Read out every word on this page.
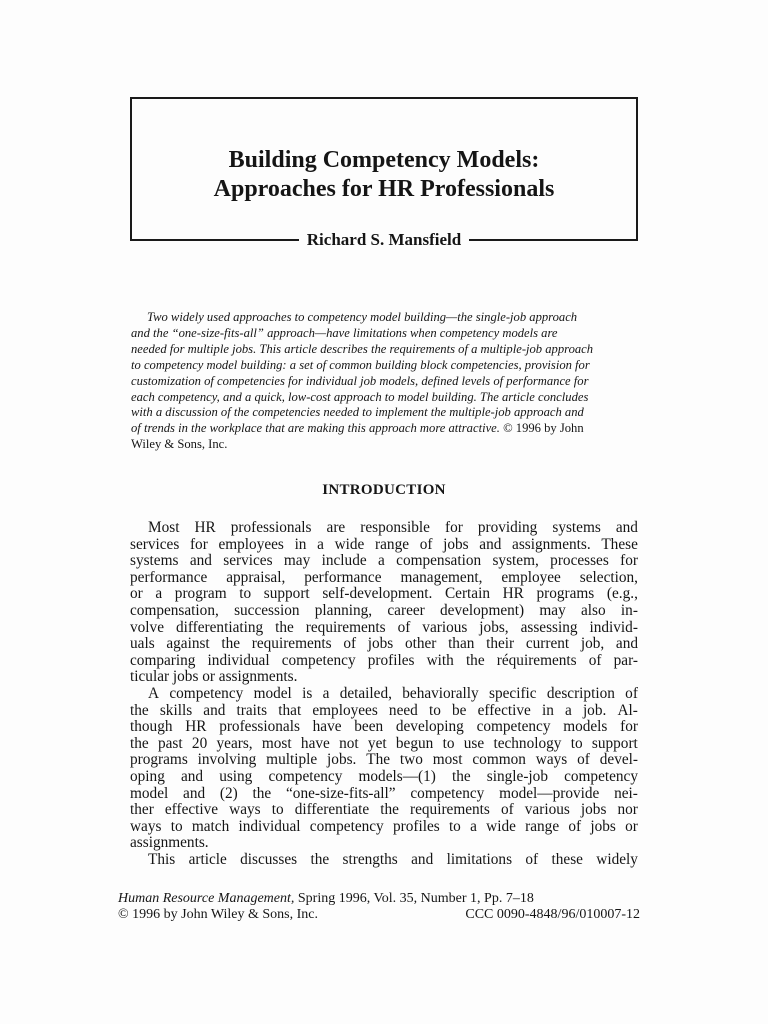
Building Competency Models:
Approaches for HR Professionals
Richard S. Mansfield
Two widely used approaches to competency model building—the single-job approach
and the “one-size-fits-all” approach—have limitations when competency models are
needed for multiple jobs. This article describes the requirements of a multiple-job approach
to competency model building: a set of common building block competencies, provision for
customization of competencies for individual job models, defined levels of performance for
each competency, and a quick, low-cost approach to model building. The article concludes
with a discussion of the competencies needed to implement the multiple-job approach and
of trends in the workplace that are making this approach more attractive. © 1996 by John
Wiley & Sons, Inc.
INTRODUCTION
Most HR professionals are responsible for providing systems and
services for employees in a wide range of jobs and assignments. These
systems and services may include a compensation system, processes for
performance appraisal, performance management, employee selection,
or a program to support self-development. Certain HR programs (e.g.,
compensation, succession planning, career development) may also in-
volve differentiating the requirements of various jobs, assessing individ-
uals against the requirements of jobs other than their current job, and
comparing individual competency profiles with the réquirements of par-
ticular jobs or assignments.
A competency model is a detailed, behaviorally specific description of
the skills and traits that employees need to be effective in a job. Al-
though HR professionals have been developing competency models for
the past 20 years, most have not yet begun to use technology to support
programs involving multiple jobs. The two most common ways of devel-
oping and using competency models—(1) the single-job competency
model and (2) the “one-size-fits-all” competency model—provide nei-
ther effective ways to differentiate the requirements of various jobs nor
ways to match individual competency profiles to a wide range of jobs or
assignments.
This article discusses the strengths and limitations of these widely
Human Resource Management, Spring 1996, Vol. 35, Number 1, Pp. 7–18
© 1996 by John Wiley & Sons, Inc.	CCC 0090-4848/96/010007-12
